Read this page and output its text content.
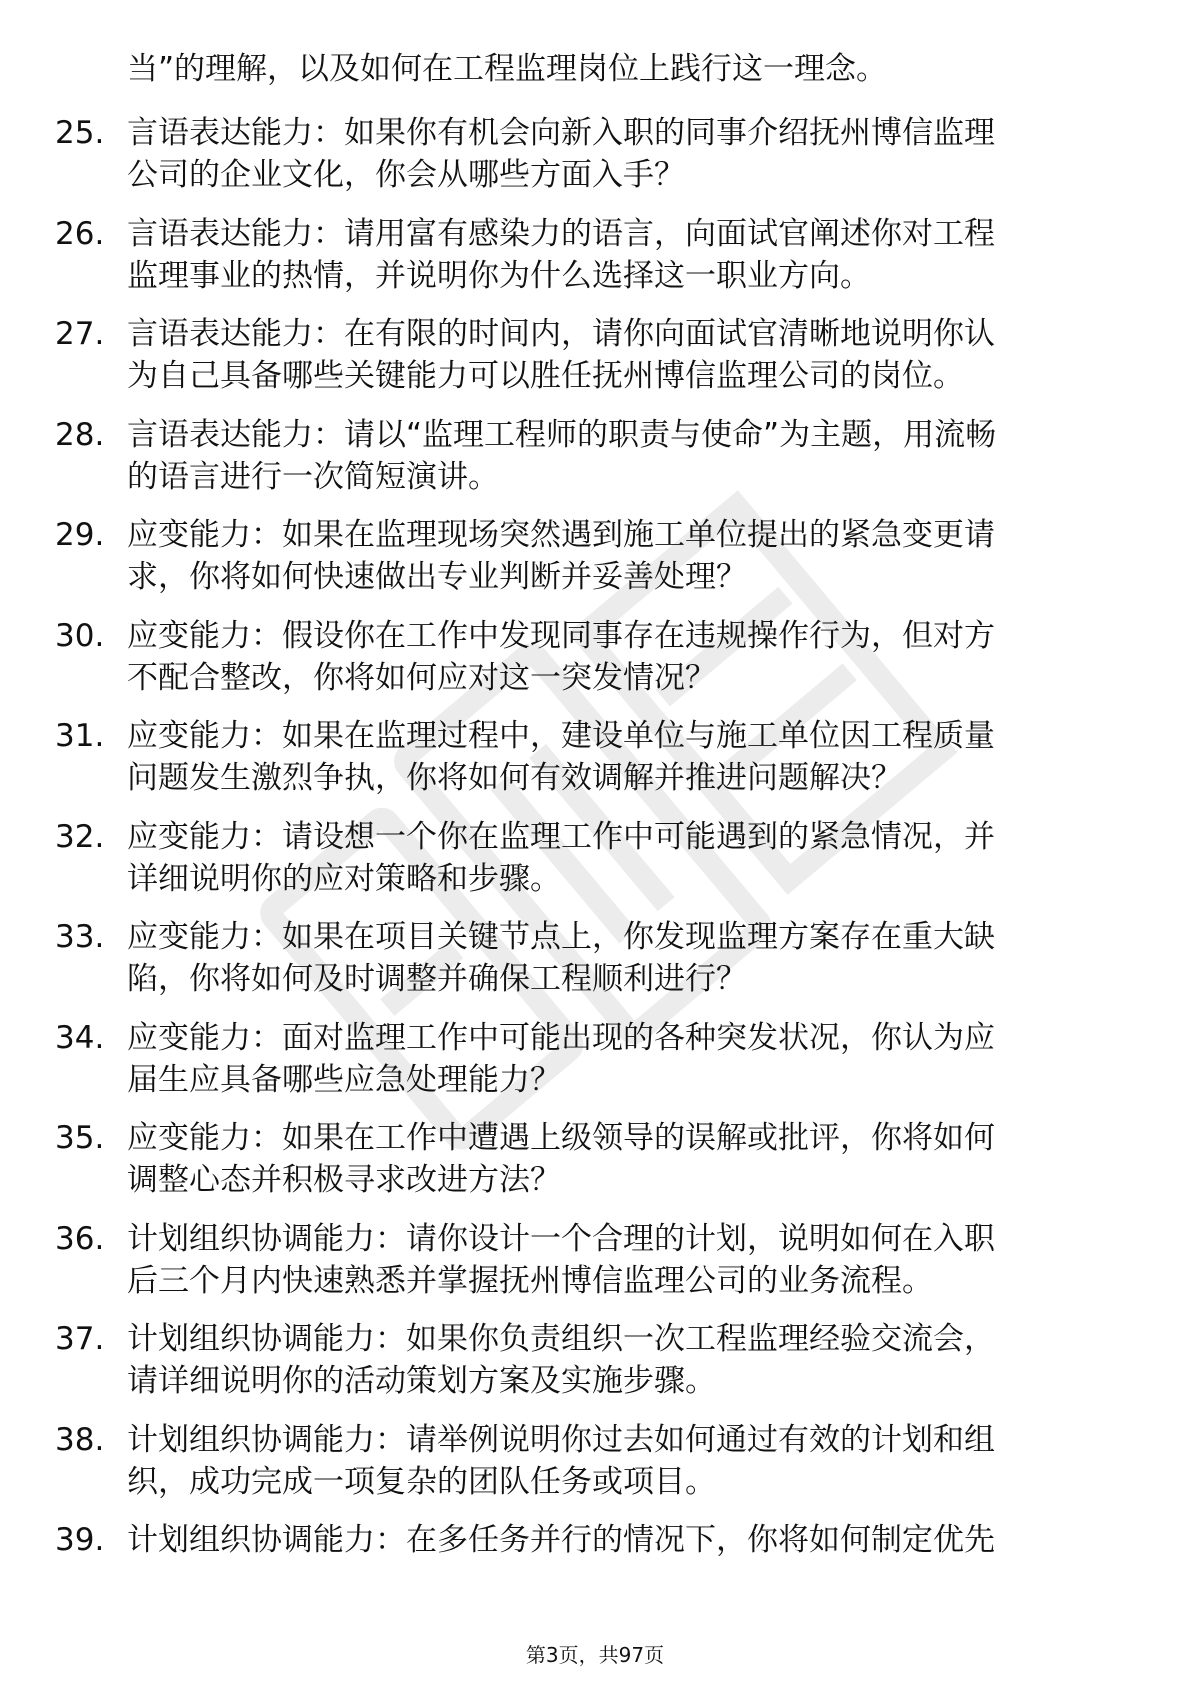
当”的理解，以及如何在工程监理岗位上践行这一理念。
25. 言语表达能力：如果你有机会向新入职的同事介绍抚州博信监理
公司的企业文化，你会从哪些方面入手？
26. 言语表达能力：请用富有感染力的语言，向面试官阐述你对工程
监理事业的热情，并说明你为什么选择这一职业方向。
27. 言语表达能力：在有限的时间内，请你向面试官清晰地说明你认
为自己具备哪些关键能力可以胜任抚州博信监理公司的岗位。
28. 言语表达能力：请以“监理工程师的职责与使命”为主题，用流畅
的语言进行一次简短演讲。
29. 应变能力：如果在监理现场突然遇到施工单位提出的紧急变更请
求，你将如何快速做出专业判断并妥善处理？
30. 应变能力：假设你在工作中发现同事存在违规操作行为，但对方
不配合整改，你将如何应对这一突发情况？
31. 应变能力：如果在监理过程中，建设单位与施工单位因工程质量
问题发生激烈争执，你将如何有效调解并推进问题解决？
32. 应变能力：请设想一个你在监理工作中可能遇到的紧急情况，并
详细说明你的应对策略和步骤。
33. 应变能力：如果在项目关键节点上，你发现监理方案存在重大缺
陷，你将如何及时调整并确保工程顺利进行？
34. 应变能力：面对监理工作中可能出现的各种突发状况，你认为应
届生应具备哪些应急处理能力？
35. 应变能力：如果在工作中遭遇上级领导的误解或批评，你将如何
调整心态并积极寻求改进方法？
36. 计划组织协调能力：请你设计一个合理的计划，说明如何在入职
后三个月内快速熟悉并掌握抚州博信监理公司的业务流程。
37. 计划组织协调能力：如果你负责组织一次工程监理经验交流会，
请详细说明你的活动策划方案及实施步骤。
38. 计划组织协调能力：请举例说明你过去如何通过有效的计划和组
织，成功完成一项复杂的团队任务或项目。
39. 计划组织协调能力：在多任务并行的情况下，你将如何制定优先
第3页，共97页
